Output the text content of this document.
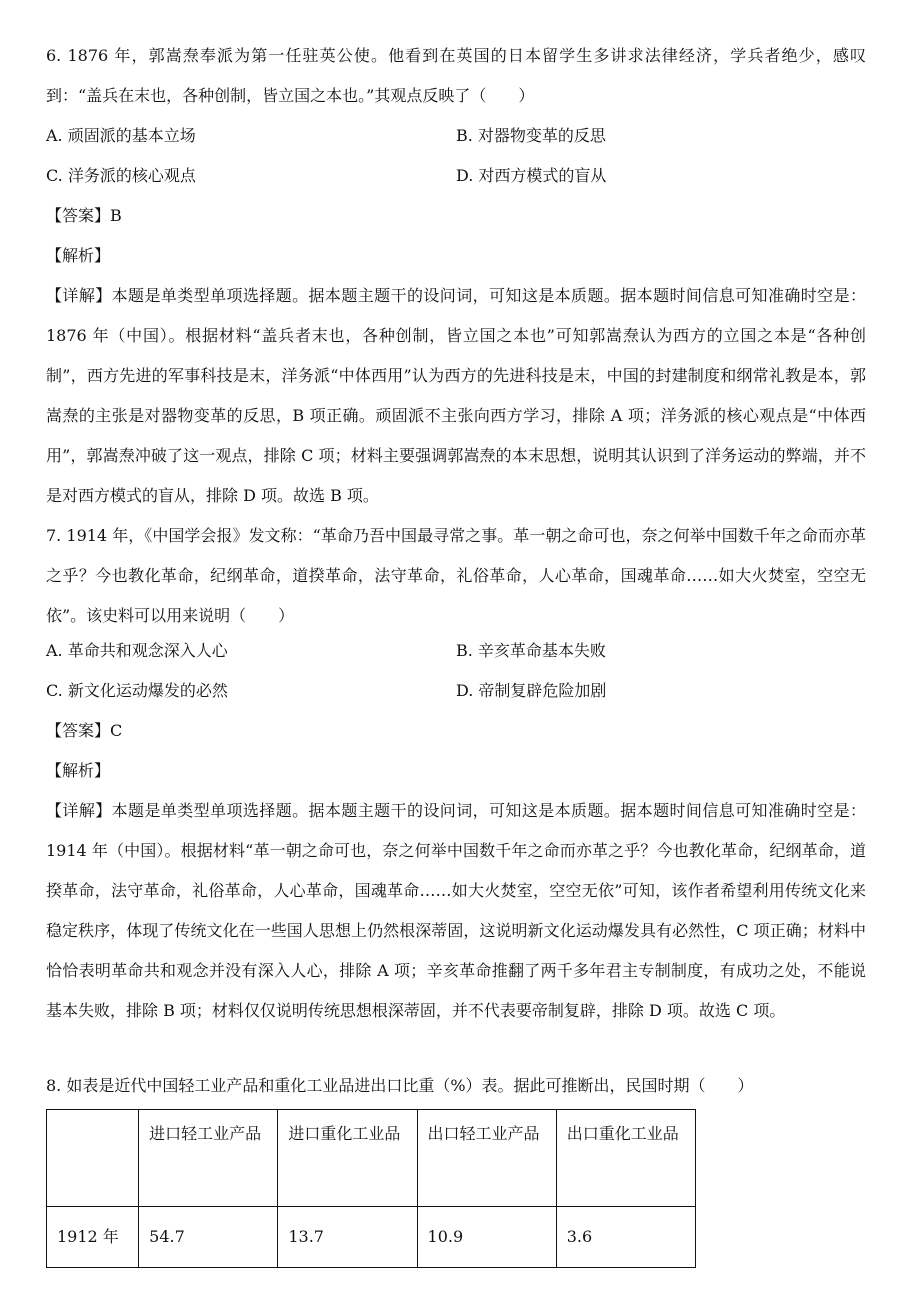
6. 1876 年，郭嵩焘奉派为第一任驻英公使。他看到在英国的日本留学生多讲求法律经济，学兵者绝少，感叹到：“盖兵在末也，各种创制，皆立国之本也。”其观点反映了（　　）
A. 顽固派的基本立场	B. 对器物变革的反思
C. 洋务派的核心观点	D. 对西方模式的盲从
【答案】B
【解析】
【详解】本题是单类型单项选择题。据本题主题干的设问词，可知这是本质题。据本题时间信息可知准确时空是：1876 年（中国）。根据材料“盖兵者末也，各种创制，皆立国之本也”可知郭嵩焘认为西方的立国之本是“各种创制”，西方先进的军事科技是末，洋务派“中体西用”认为西方的先进科技是末，中国的封建制度和纲常礼教是本，郭嵩焘的主张是对器物变革的反思，B 项正确。顽固派不主张向西方学习，排除 A 项；洋务派的核心观点是“中体西用”，郭嵩焘冲破了这一观点，排除 C 项；材料主要强调郭嵩焘的本末思想，说明其认识到了洋务运动的弊端，并不是对西方模式的盲从，排除 D 项。故选 B 项。
7. 1914 年，《中国学会报》发文称：“革命乃吾中国最寻常之事。革一朝之命可也，奈之何举中国数千年之命而亦革之乎？今也教化革命，纪纲革命，道揆革命，法守革命，礼俗革命，人心革命，国魂革命……如大火焚室，空空无依”。该史料可以用来说明（　　）
A. 革命共和观念深入人心	B. 辛亥革命基本失败
C. 新文化运动爆发的必然	D. 帝制复辟危险加剧
【答案】C
【解析】
【详解】本题是单类型单项选择题。据本题主题干的设问词，可知这是本质题。据本题时间信息可知准确时空是：1914 年（中国）。根据材料“革一朝之命可也，奈之何举中国数千年之命而亦革之乎？今也教化革命，纪纲革命，道揆革命，法守革命，礼俗革命，人心革命，国魂革命……如大火焚室，空空无依”可知，该作者希望利用传统文化来稳定秩序，体现了传统文化在一些国人思想上仍然根深蒂固，这说明新文化运动爆发具有必然性，C 项正确；材料中恰恰表明革命共和观念并没有深入人心，排除 A 项；辛亥革命推翻了两千多年君主专制制度，有成功之处，不能说基本失败，排除 B 项；材料仅仅说明传统思想根深蒂固，并不代表要帝制复辟，排除 D 项。故选 C 项。
8. 如表是近代中国轻工业产品和重化工业品进出口比重（%）表。据此可推断出，民国时期（　　）
	进口轻工业产品	进口重化工业品	出口轻工业产品	出口重化工业品
1912 年	54.7	13.7	10.9	3.6
